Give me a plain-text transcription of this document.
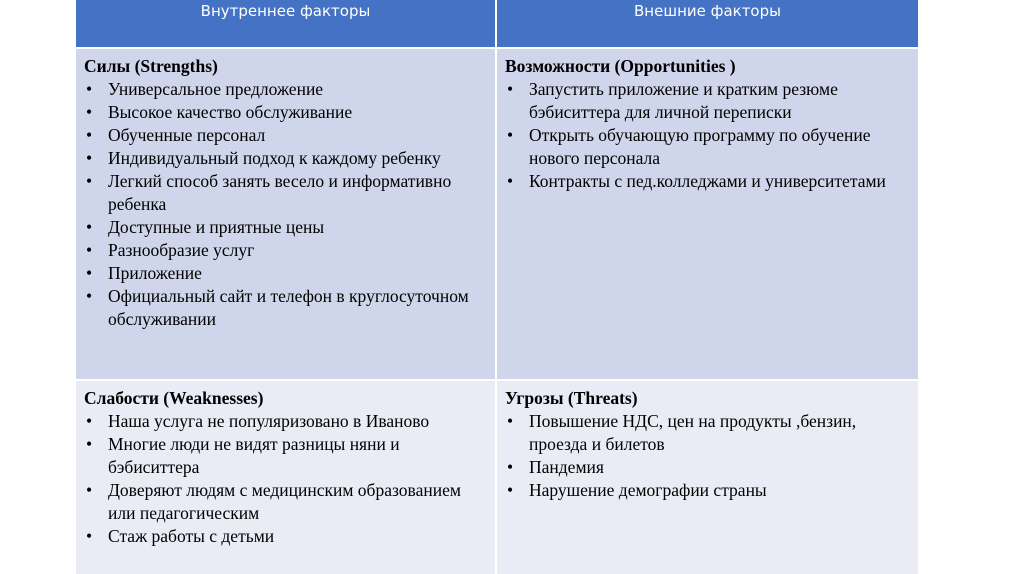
Внутреннее факторы	Внешние факторы
Силы (Strengths)
• Универсальное предложение
• Высокое качество обслуживание
• Обученные персонал
• Индивидуальный подход к каждому ребенку
• Легкий способ занять весело и информативно ребенка
• Доступные и приятные цены
• Разнообразие услуг
• Приложение
• Официальный сайт и телефон в круглосуточном обслуживании
Возможности (Opportunities )
• Запустить приложение и кратким резюме бэбиситтера для личной переписки
• Открыть обучающую программу по обучение нового персонала
• Контракты с пед.колледжами и университетами
Слабости (Weaknesses)
• Наша услуга не популяризовано в Иваново
• Многие люди не видят разницы няни и бэбиситтера
• Доверяют людям с медицинским образованием или педагогическим
• Стаж работы с детьми
Угрозы (Threats)
• Повышение НДС, цен на продукты ,бензин, проезда и билетов
• Пандемия
• Нарушение демографии страны
